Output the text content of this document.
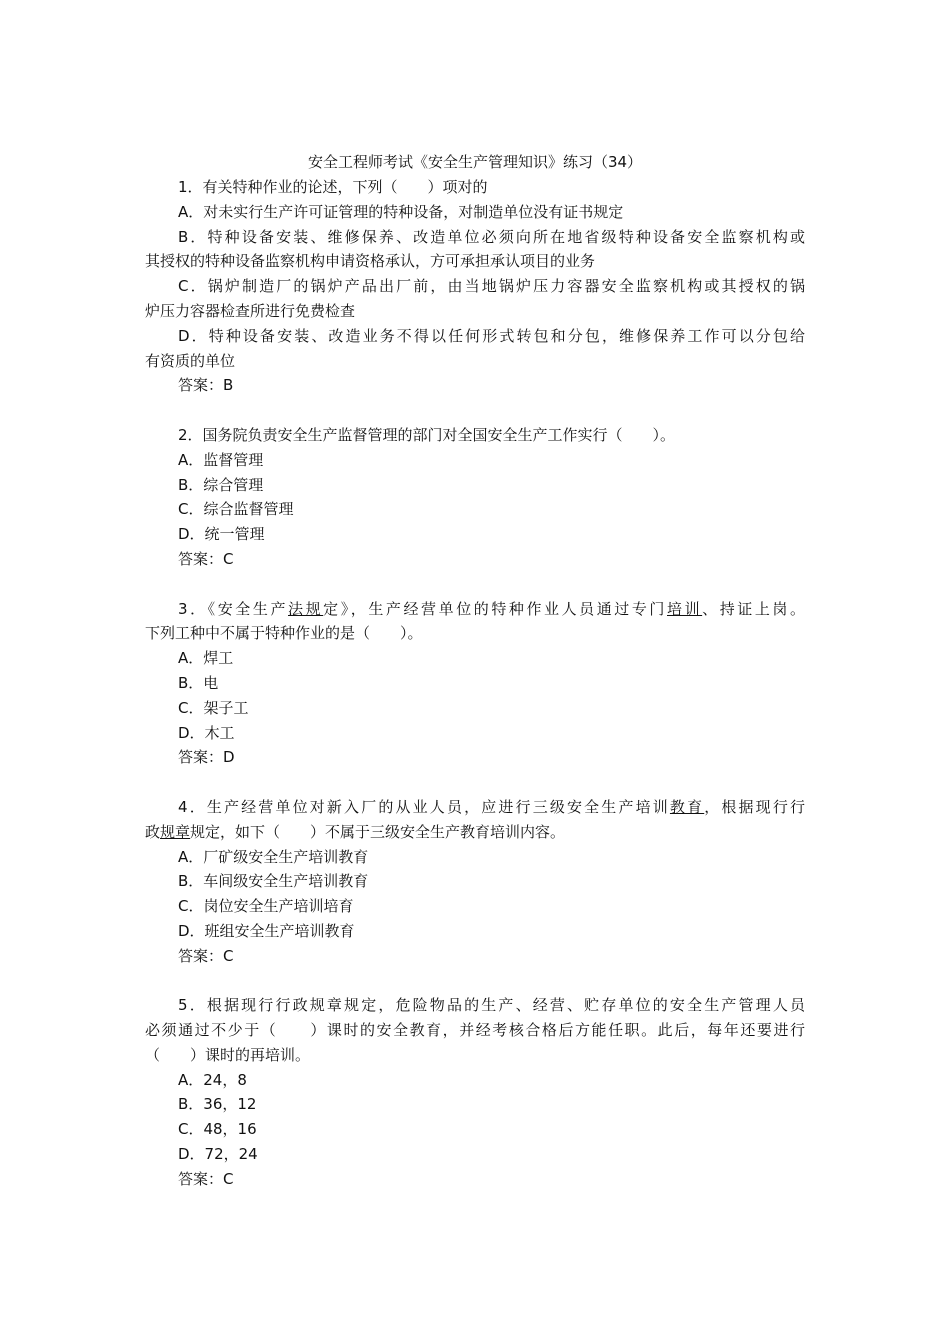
安全工程师考试《安全生产管理知识》练习（34）

1．有关特种作业的论述，下列（　　）项对的

A．对未实行生产许可证管理的特种设备，对制造单位没有证书规定

B．特种设备安装、维修保养、改造单位必须向所在地省级特种设备安全监察机构或

其授权的特种设备监察机构申请资格承认，方可承担承认项目的业务

C．锅炉制造厂的锅炉产品出厂前，由当地锅炉压力容器安全监察机构或其授权的锅

炉压力容器检查所进行免费检查

D．特种设备安装、改造业务不得以任何形式转包和分包，维修保养工作可以分包给

有资质的单位

答案：B

2．国务院负责安全生产监督管理的部门对全国安全生产工作实行（　　）。

A．监督管理

B．综合管理

C．综合监督管理

D．统一管理

答案：C

3．《安全生产法规定》，生产经营单位的特种作业人员通过专门培训、持证上岗。

下列工种中不属于特种作业的是（　　）。

A．焊工

B．电

C．架子工

D．木工

答案：D

4．生产经营单位对新入厂的从业人员，应进行三级安全生产培训教育，根据现行行

政规章规定，如下（　　）不属于三级安全生产教育培训内容。

A．厂矿级安全生产培训教育

B．车间级安全生产培训教育

C．岗位安全生产培训培育

D．班组安全生产培训教育

答案：C

5．根据现行行政规章规定，危险物品的生产、经营、贮存单位的安全生产管理人员

必须通过不少于（　　）课时的安全教育，并经考核合格后方能任职。此后，每年还要进行

（　　）课时的再培训。

A．24，8

B．36，12

C．48，16

D．72，24

答案：C
